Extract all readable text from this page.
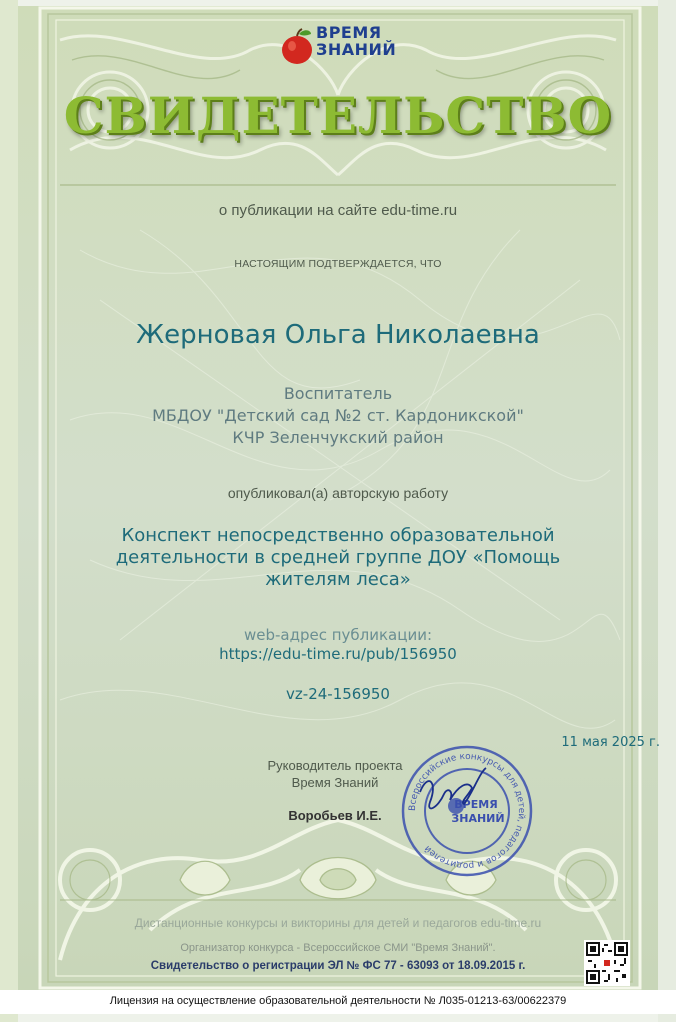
ВРЕМЯ
ЗНАНИЙ

СВИДЕТЕЛЬСТВО

о публикации на сайте edu-time.ru

НАСТОЯЩИМ ПОДТВЕРЖДАЕТСЯ, ЧТО

Жерновая Ольга Николаевна

Воспитатель

МБДОУ "Детский сад №2 ст. Кардоникской"

КЧР Зеленчукский район

опубликовал(а) авторскую работу

Конспект непосредственно образовательной
деятельности в средней группе ДОУ «Помощь
жителям леса»

web-адрес публикации:

https://edu-time.ru/pub/156950

vz-24-156950

11 мая 2025 г.

Руководитель проекта
Время Знаний

Воробьев И.Е.

Всероссийские конкурсы для детей, педагогов и родителей
ВРЕМЯ
ЗНАНИЙ

Дистанционные конкурсы и викторины для детей и педагогов edu-time.ru

Организатор конкурса - Всероссийское СМИ "Время Знаний".

Свидетельство о регистрации ЭЛ № ФС 77 - 63093 от 18.09.2015 г.

Лицензия на осуществление образовательной деятельности № Л035-01213-63/00622379
